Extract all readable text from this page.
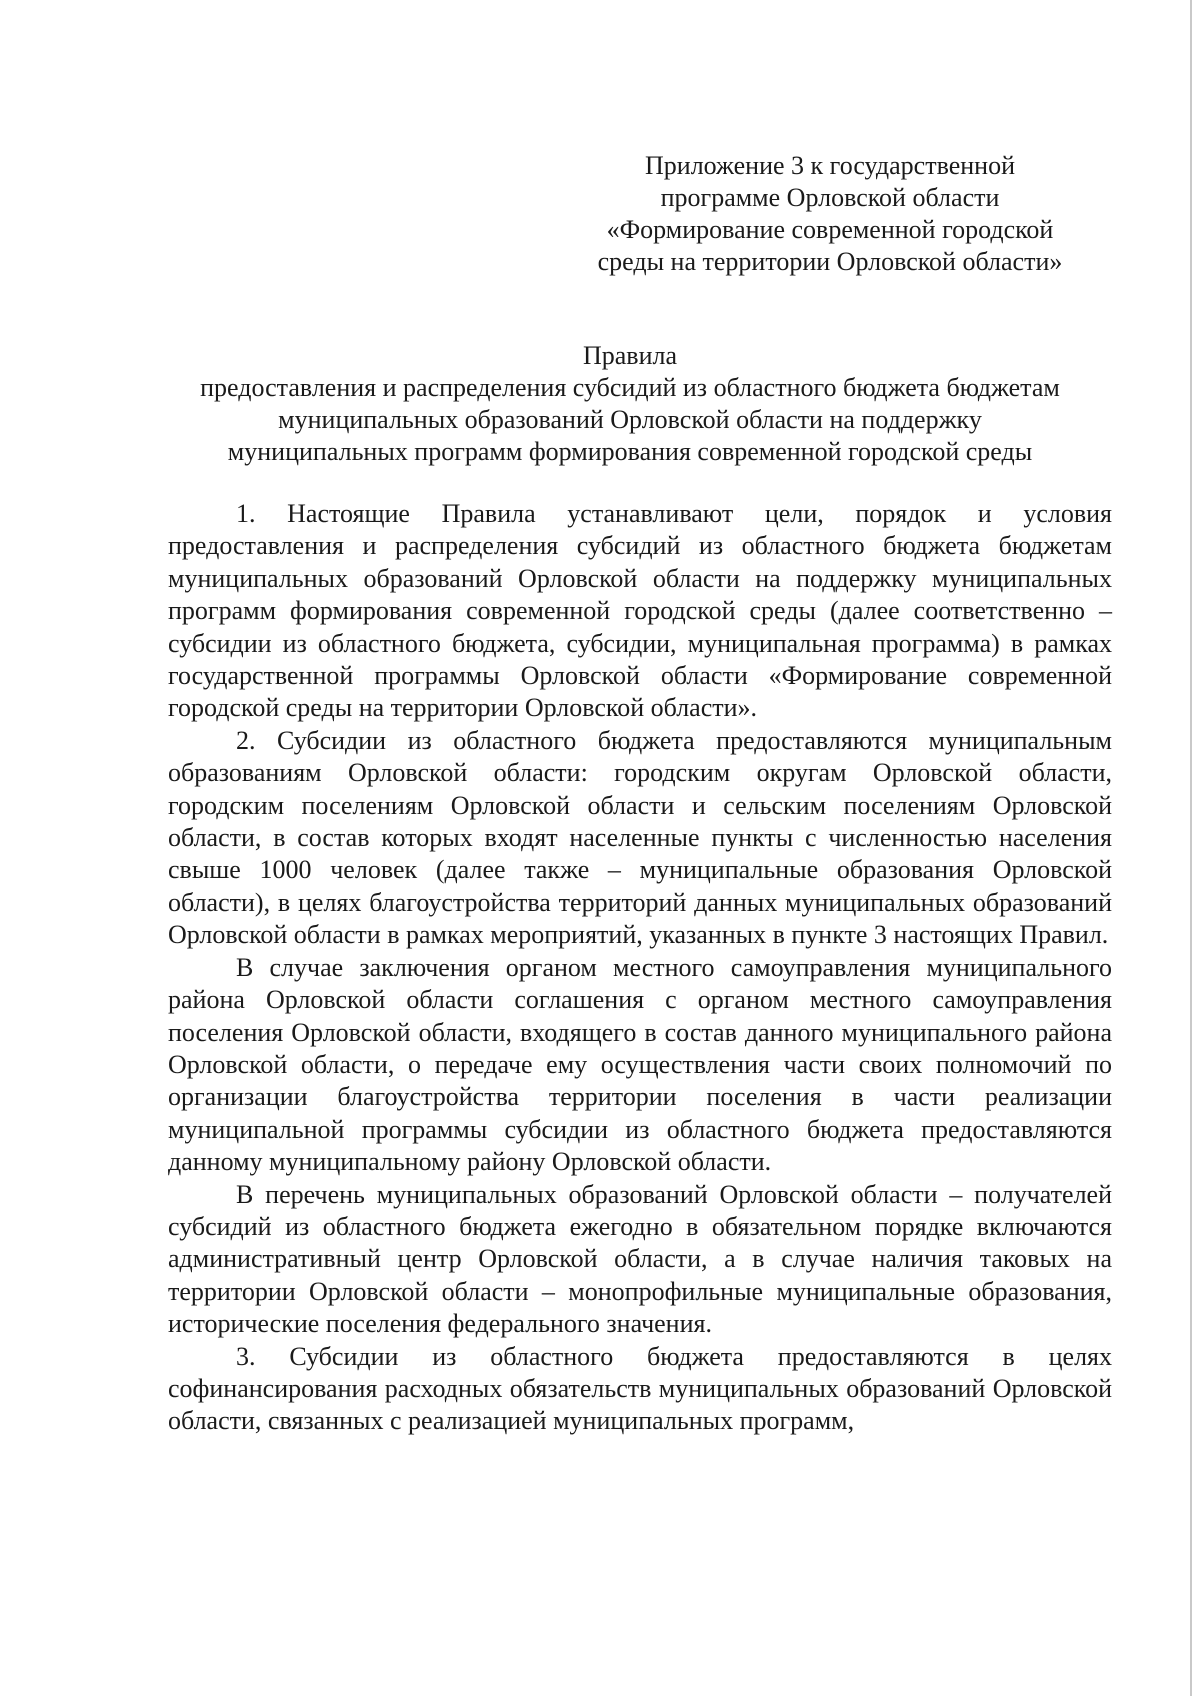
Приложение 3 к государственной
программе Орловской области
«Формирование современной городской
среды на территории Орловской области»
Правила
предоставления и распределения субсидий из областного бюджета бюджетам
муниципальных образований Орловской области на поддержку
муниципальных программ формирования современной городской среды

1. Настоящие Правила устанавливают цели, порядок и условия предоставления и распределения субсидий из областного бюджета бюджетам муниципальных образований Орловской области на поддержку муниципальных программ формирования современной городской среды (далее соответственно – субсидии из областного бюджета, субсидии, муниципальная программа) в рамках государственной программы Орловской области «Формирование современной городской среды на территории Орловской области».

2. Субсидии из областного бюджета предоставляются муниципальным образованиям Орловской области: городским округам Орловской области, городским поселениям Орловской области и сельским поселениям Орловской области, в состав которых входят населенные пункты с численностью населения свыше 1000 человек (далее также – муниципальные образования Орловской области), в целях благоустройства территорий данных муниципальных образований Орловской области в рамках мероприятий, указанных в пункте 3 настоящих Правил.

В случае заключения органом местного самоуправления муниципального района Орловской области соглашения с органом местного самоуправления поселения Орловской области, входящего в состав данного муниципального района Орловской области, о передаче ему осуществления части своих полномочий по организации благоустройства территории поселения в части реализации муниципальной программы субсидии из областного бюджета предоставляются данному муниципальному району Орловской области.

В перечень муниципальных образований Орловской области – получателей субсидий из областного бюджета ежегодно в обязательном порядке включаются административный центр Орловской области, а в случае наличия таковых на территории Орловской области – монопрофильные муниципальные образования, исторические поселения федерального значения.

3. Субсидии из областного бюджета предоставляются в целях софинансирования расходных обязательств муниципальных образований Орловской области, связанных с реализацией муниципальных программ,
